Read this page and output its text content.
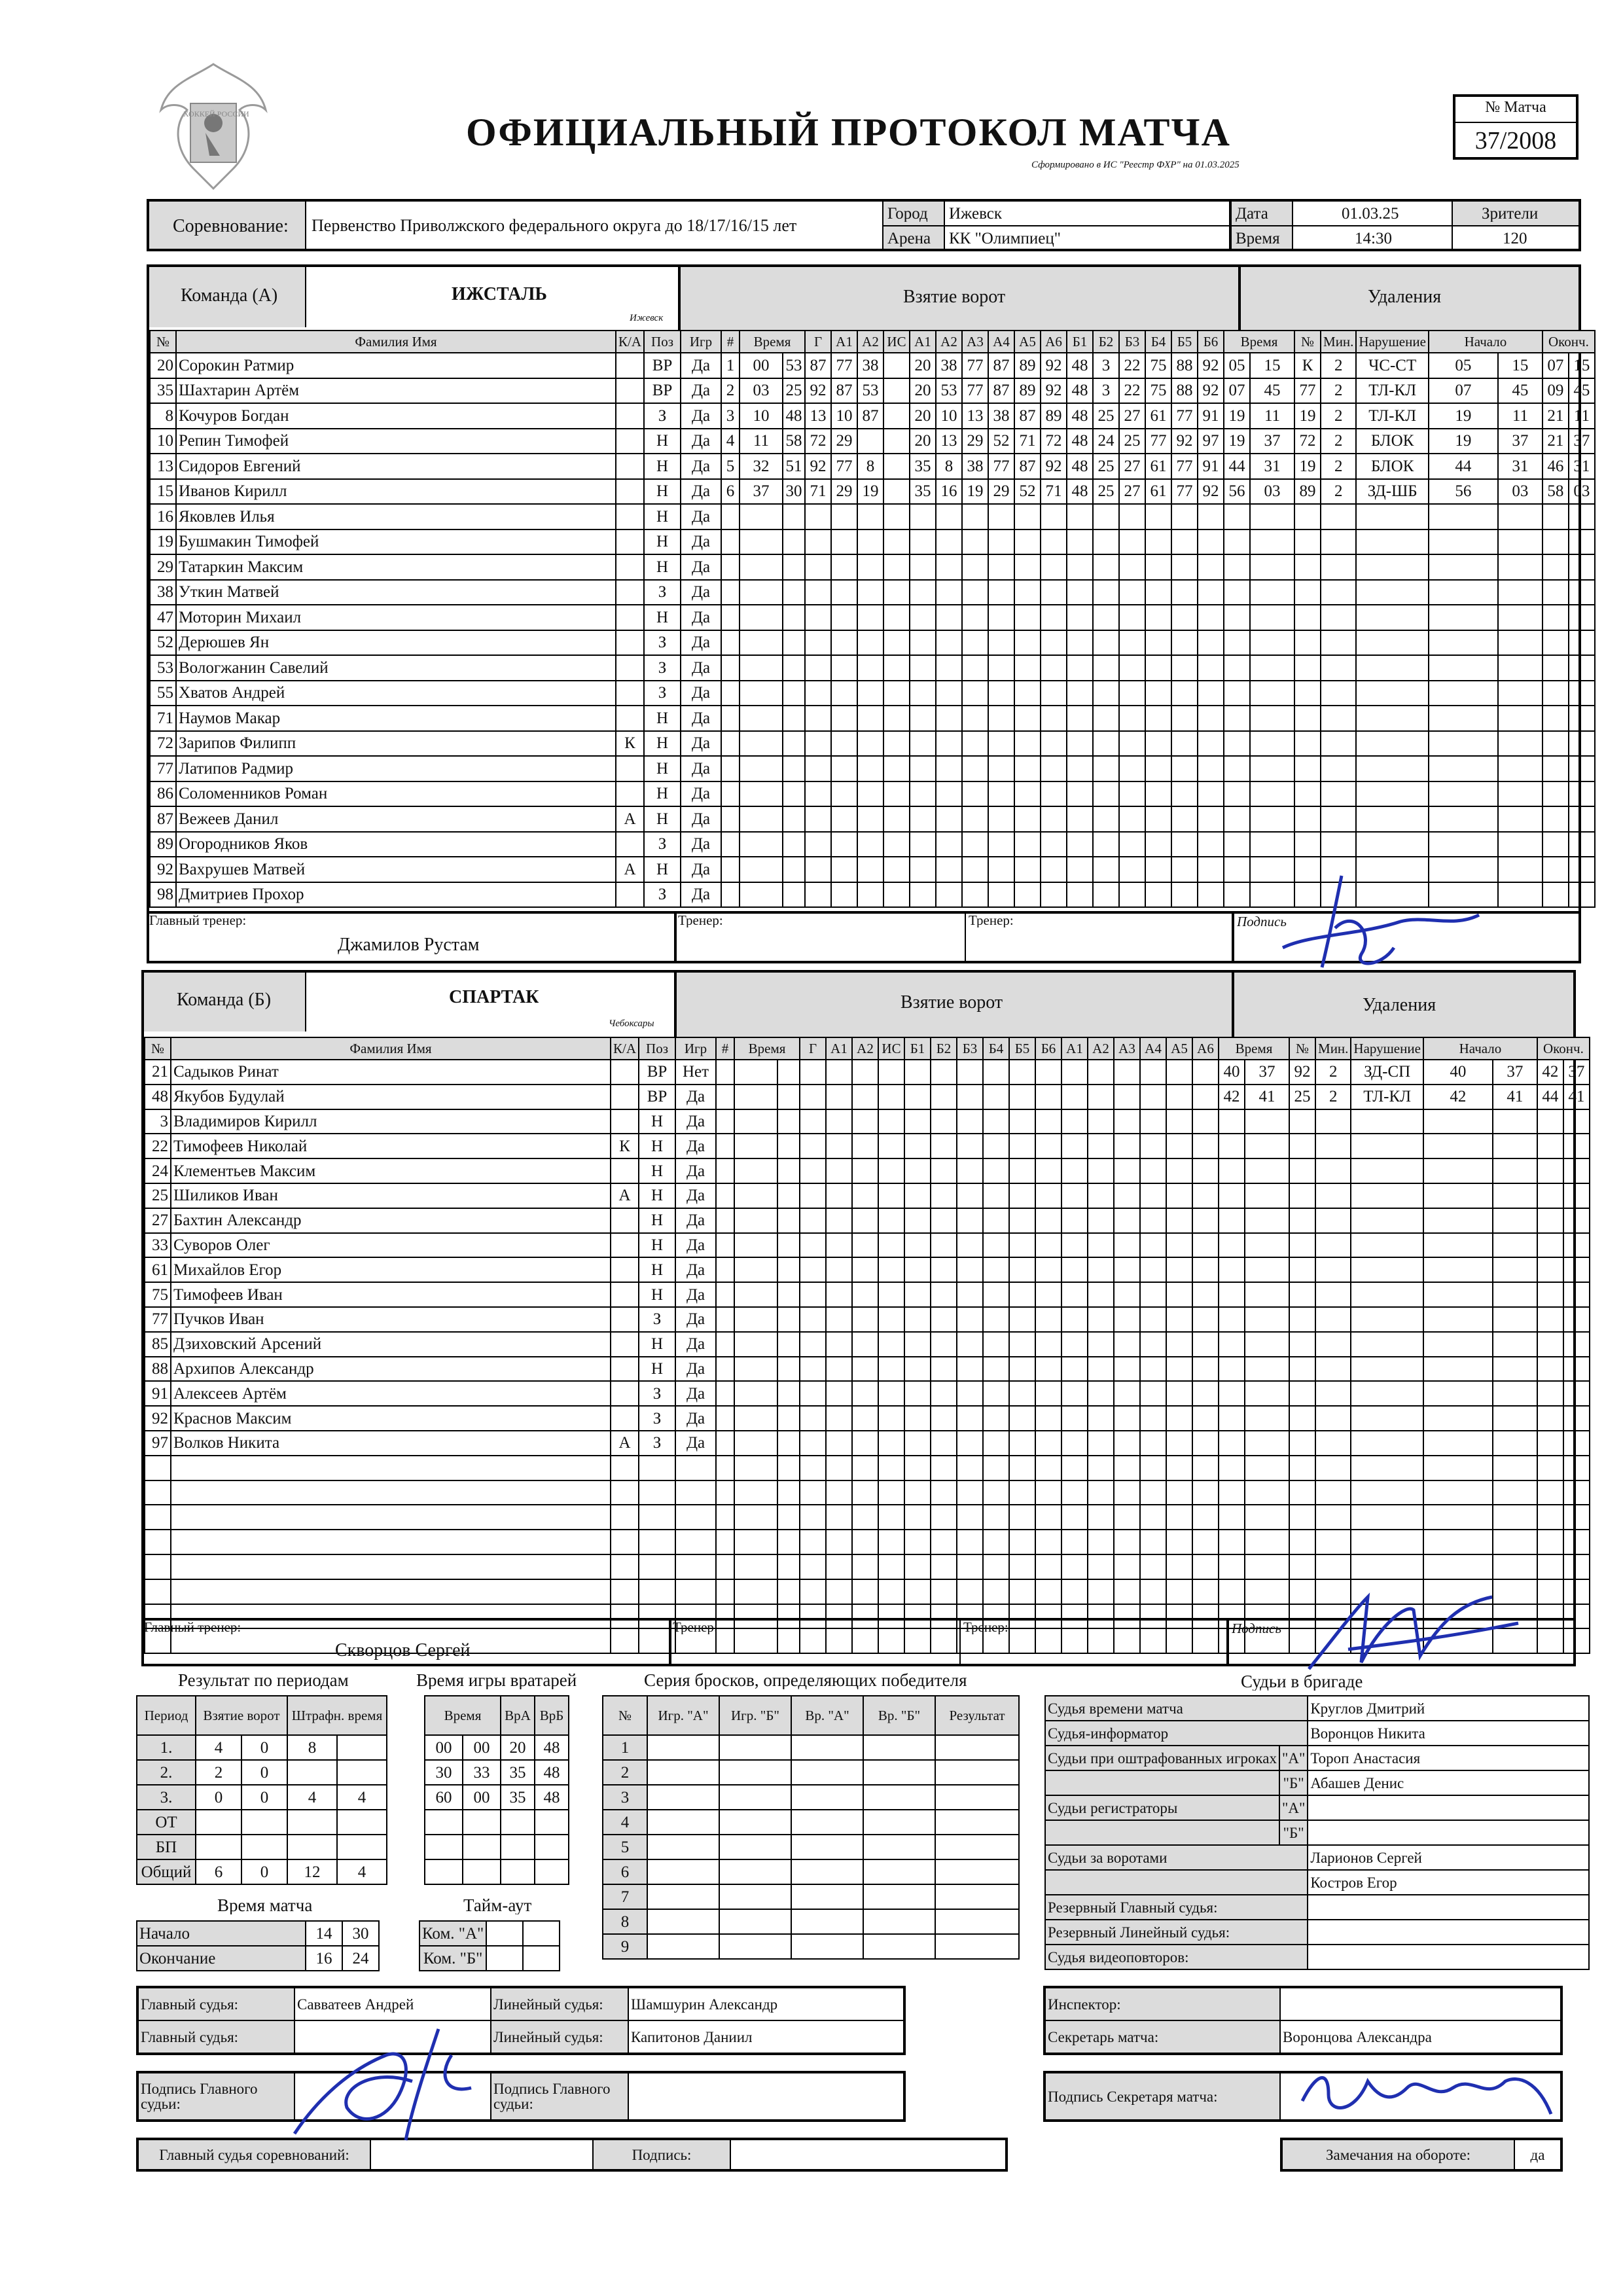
ХОККЕЙ РОССИИ	ОФИЦИАЛЬНЫЙ ПРОТОКОЛ МАТЧА
Сформировано в ИС "Реестр ФХР" на 01.03.2025
№ Матча
37/2008
Соревнование: Первенство Приволжского федерального округа до 18/17/16/15 лет
Город Ижевск
Арена КК "Олимпиец"
Дата	01.03.25
Время	14:30
Зрители
120
Команда (А)	ИЖСТАЛЬ
Ижевск
Взятие ворот	Удаления
№	Фамилия Имя	К/А	Поз	Игр	#	Время		Г	А1	А2	ИС	А1	А2	А3	А4	А5	А6	Б1	Б2	Б3	Б4	Б5	Б6	Время		№	Мин.	Нарушение	Начало		Оконч.	
20	Сорокин Ратмир		ВР	Да	1	00	53	87	77	38		20	38	77	87	89	92	48	3	22	75	88	92	05	15	К	2	ЧС-СТ	05	15	07	15
35	Шахтарин Артём		ВР	Да	2	03	25	92	87	53		20	53	77	87	89	92	48	3	22	75	88	92	07	45	77	2	ТЛ-КЛ	07	45	09	45
8	Кочуров Богдан		З	Да	3	10	48	13	10	87		20	10	13	38	87	89	48	25	27	61	77	91	19	11	19	2	ТЛ-КЛ	19	11	21	11
10	Репин Тимофей		Н	Да	4	11	58	72	29			20	13	29	52	71	72	48	24	25	77	92	97	19	37	72	2	БЛОК	19	37	21	37
13	Сидоров Евгений		Н	Да	5	32	51	92	77	8		35	8	38	77	87	92	48	25	27	61	77	91	44	31	19	2	БЛОК	44	31	46	31
15	Иванов Кирилл		Н	Да	6	37	30	71	29	19		35	16	19	29	52	71	48	25	27	61	77	92	56	03	89	2	ЗД-ШБ	56	03	58	03
16	Яковлев Илья		Н	Да																												
19	Бушмакин Тимофей		Н	Да																												
29	Татаркин Максим		Н	Да																												
38	Уткин Матвей		З	Да																												
47	Моторин Михаил		Н	Да																												
52	Дерюшев Ян		З	Да																												
53	Вологжанин Савелий		З	Да																												
55	Хватов Андрей		З	Да																												
71	Наумов Макар		Н	Да																												
72	Зарипов Филипп	К	Н	Да																												
77	Латипов Радмир		Н	Да																												
86	Соломенников Роман		Н	Да																												
87	Вежеев Данил	А	Н	Да																												
89	Огородников Яков		З	Да																												
92	Вахрушев Матвей	А	Н	Да																												
98	Дмитриев Прохор		З	Да																												
Главный тренер:
Джамилов Рустам
Тренер:	Тренер:	Подпись
Команда (Б)	СПАРТАК
Чебоксары
Взятие ворот	Удаления
№	Фамилия Имя	К/А	Поз	Игр	#	Время		Г	А1	А2	ИС	Б1	Б2	Б3	Б4	Б5	Б6	А1	А2	А3	А4	А5	А6	Время		№	Мин.	Нарушение	Начало		Оконч.	
21	Садыков Ринат		ВР	Нет																				40	37	92	2	ЗД-СП	40	37	42	37
48	Якубов Будулай		ВР	Да																				42	41	25	2	ТЛ-КЛ	42	41	44	41
3	Владимиров Кирилл		Н	Да																												
22	Тимофеев Николай	К	Н	Да																												
24	Клементьев Максим		Н	Да																												
25	Шиликов Иван	А	Н	Да																												
27	Бахтин Александр		Н	Да																												
33	Суворов Олег		Н	Да																												
61	Михайлов Егор		Н	Да																												
75	Тимофеев Иван		Н	Да																												
77	Пучков Иван		З	Да																												
85	Дзиховский Арсений		Н	Да																												
88	Архипов Александр		Н	Да																												
91	Алексеев Артём		З	Да																												
92	Краснов Максим		З	Да																												
97	Волков Никита	А	З	Да																												

Главный тренер:
Скворцов Сергей
Тренер:	Тренер:	Подпись
Результат по периодам
Период	Взятие ворот		Штрафн. время	
1.	4	0	8	
2.	2	0		
3.	0	0	4	4
ОТ				
БП				
Общий	6	0	12	4
Время игры вратарей
Время		ВрА	ВрБ
00	00	20	48
30	33	35	48
60	00	35	48

Серия бросков, определяющих победителя
№	Игр. "А"	Игр. "Б"	Вр. "А"	Вр. "Б"	Результат
1					
2					
3					
4					
5					
6					
7					
8					
9					
Время матча
Начало	14	30
Окончание	16	24
Тайм-аут
Ком. "А"		
Ком. "Б"		
Судьи в бригаде
Судья времени матча		Круглов Дмитрий
Судья-информатор		Воронцов Никита
Судьи при оштрафованных игроках	"А"	Тороп Анастасия
	"Б"	Абашев Денис
Судьи регистраторы	"А"	
	"Б"	
Судьи за воротами		Ларионов Сергей
		Костров Егор
Резервный Главный судья:		
Резервный Линейный судья:		
Судья видеоповторов:		
Главный судья:	Савватеев Андрей	Линейный судья:	Шамшурин Александр
Главный судья:		Линейный судья:	Капитонов Даниил
Инспектор:	
Секретарь матча:	Воронцова Александра
Подпись Главного судьи:		Подпись Главного судьи:		Подпись Секретаря матча:	
Главный судья соревнований:		Подпись:		Замечания на обороте:	да
